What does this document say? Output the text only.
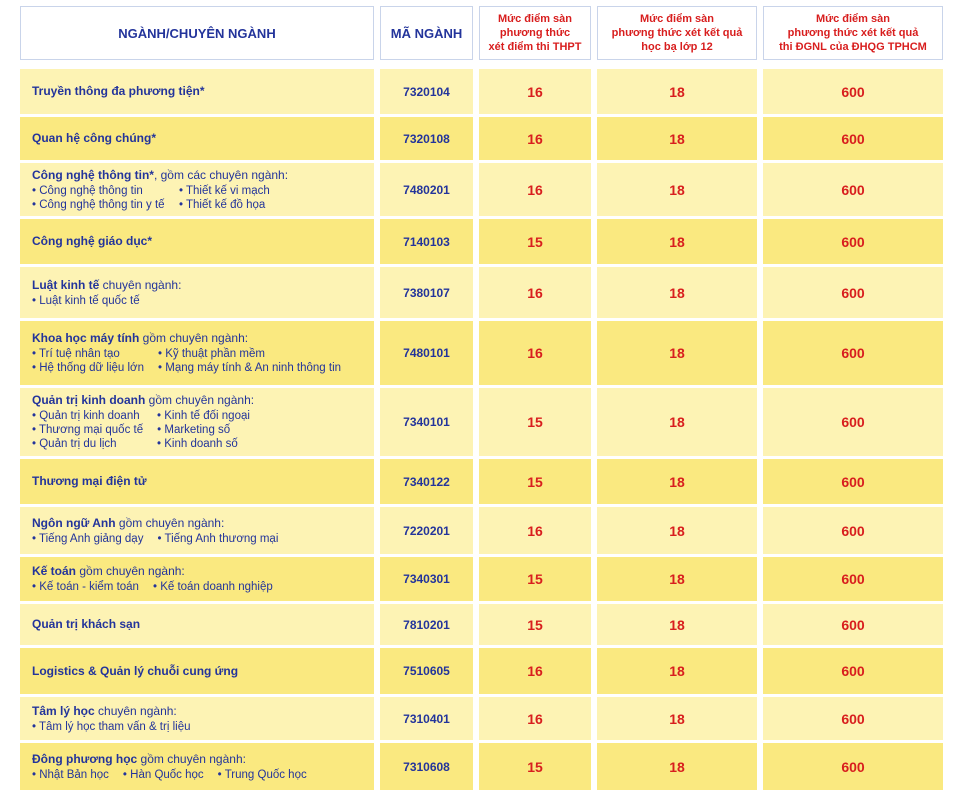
NGÀNH/CHUYÊN NGÀNH	MÃ NGÀNH
Mức điểm sàn
phương thức
xét điểm thi THPT
Mức điểm sàn
phương thức xét kết quả
học bạ lớp 12
Mức điểm sàn
phương thức xét kết quả
thi ĐGNL của ĐHQG TPHCM
Truyền thông đa phương tiện*	7320104	16	18	600
Quan hệ công chúng*	7320108	16	18	600
Công nghệ thông tin*, gồm các chuyên ngành:
• Công nghệ thông tin	• Thiết kế vi mạch
• Công nghệ thông tin y tế • Thiết kế đồ họa
7480201	16	18	600
Công nghệ giáo dục*	7140103	15	18	600
Luật kinh tế chuyên ngành:
• Luật kinh tế quốc tế
7380107	16	18	600
Khoa học máy tính gồm chuyên ngành:
• Trí tuệ nhân tạo	• Kỹ thuật phần mềm
• Hệ thống dữ liệu lớn • Mạng máy tính & An ninh thông tin
7480101	16	18	600
Quản trị kinh doanh gồm chuyên ngành:
• Quản trị kinh doanh • Kinh tế đối ngoại
• Thương mại quốc tế • Marketing số
• Quản trị du lịch	• Kinh doanh số
7340101	15	18	600
Thương mại điện tử	7340122	15	18	600
Ngôn ngữ Anh gồm chuyên ngành:
• Tiếng Anh giảng dạy • Tiếng Anh thương mại
7220201	16	18	600
Kế toán gồm chuyên ngành:
• Kế toán - kiểm toán • Kế toán doanh nghiệp
7340301	15	18	600
Quản trị khách sạn	7810201	15	18	600
Logistics & Quản lý chuỗi cung ứng	7510605	16	18	600
Tâm lý học chuyên ngành:
• Tâm lý học tham vấn & trị liệu
7310401	16	18	600
Đông phương học gồm chuyên ngành:
• Nhật Bản học • Hàn Quốc học • Trung Quốc học
7310608	15	18	600
